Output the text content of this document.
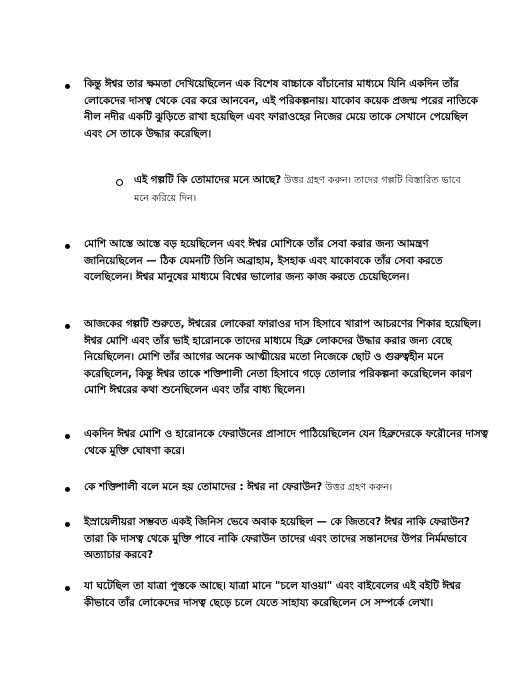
কিন্তু ঈশ্বর তার ক্ষমতা দেখিয়েছিলেন এক বিশেষ বাচ্চাকে বাঁচানোর মাধ্যমে যিনি একদিন তাঁর লোকেদের দাসত্ব থেকে বের করে আনবেন, এই পরিকল্পনায়। যাকোব কয়েক প্রজন্ম পরের নাতিকে নীল নদীর একটি ঝুড়িতে রাখা হয়েছিল এবং ফারাওহের নিজের মেয়ে তাকে সেখানে পেয়েছিল এবং সে তাকে উদ্ধার করেছিল।
এই গল্পটি কি তোমাদের মনে আছে? উত্তর গ্রহণ করুন। তাদের গল্পটি বিস্তারিত ভাবে মনে করিয়ে দিন।
মোশি আস্তে আস্তে বড় হয়েছিলেন এবং ঈশ্বর মোশিকে তাঁর সেবা করার জন্য আমন্ত্রণ জানিয়েছিলেন — ঠিক যেমনটি তিনি অব্রাহাম, ইসহাক এবং যাকোবকে তাঁর সেবা করতে বলেছিলেন। ঈশ্বর মানুষের মাধ্যমে বিশ্বের ভালোর জন্য কাজ করতে চেয়েছিলেন।
আজকের গল্পটি শুরুতে, ঈশ্বরের লোকেরা ফারাওর দাস হিসাবে খারাপ আচরণের শিকার হয়েছিল। ঈশ্বর মোশি এবং তাঁর ভাই হারোনকে তাদের মাধ্যমে হিব্রু লোকদের উদ্ধার করার জন্য বেছে নিয়েছিলেন। মোশি তাঁর আগের অনেক আত্মীয়ের মতো নিজেকে ছোট ও গুরুত্বহীন মনে করেছিলেন, কিন্তু ঈশ্বর তাকে শক্তিশালী নেতা হিসাবে গড়ে তোলার পরিকল্পনা করেছিলেন কারণ মোশি ঈশ্বরের কথা শুনেছিলেন এবং তাঁর বাধ্য ছিলেন।
একদিন ঈশ্বর মোশি ও হারোনকে ফেরাউনের প্রাসাদে পাঠিয়েছিলেন যেন হিব্রুদেরকে ফরৌনের দাসত্ব থেকে মুক্তি ঘোষণা করে।
কে শক্তিশালী বলে মনে হয় তোমাদের : ঈশ্বর না ফেরাউন? উত্তর গ্রহণ করুন।
ইস্রায়েলীয়রা সম্ভবত একই জিনিস ভেবে অবাক হয়েছিল — কে জিতবে? ঈশ্বর নাকি ফেরাউন? তারা কি দাসত্ব থেকে মুক্তি পাবে নাকি ফেরাউন তাদের এবং তাদের সন্তানদের উপর নির্মমভাবে অত্যাচার করবে?
যা ঘটেছিল তা যাত্রা পুস্তকে আছে। যাত্রা মানে "চলে যাওয়া" এবং বাইবেলের এই বইটি ঈশ্বর কীভাবে তাঁর লোকেদের দাসত্ব ছেড়ে চলে যেতে সাহায্য করেছিলেন সে সম্পর্কে লেখা।
